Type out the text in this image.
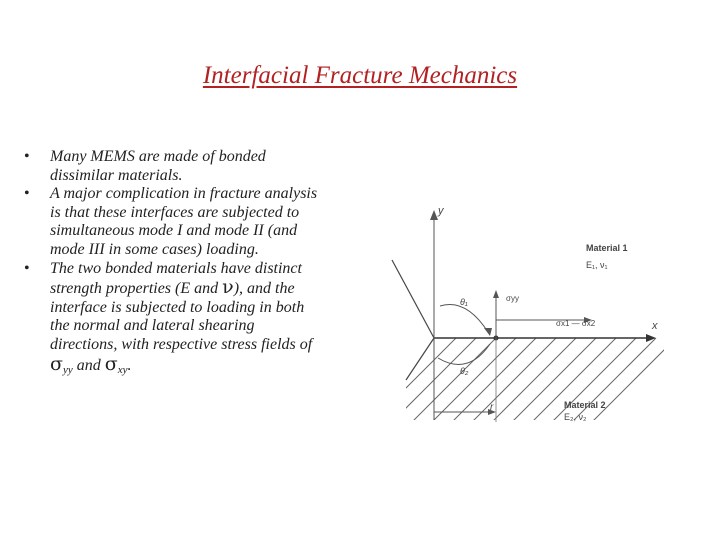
Interfacial Fracture Mechanics
• Many MEMS are made of bonded dissimilar materials.
• A major complication in fracture analysis is that these interfaces are subjected to simultaneous mode I and mode II (and mode III in some cases) loading.
• The two bonded materials have distinct strength properties (E and ν), and the interface is subjected to loading in both the normal and lateral shearing directions, with respective stress fields of $\sigma_{yy}$ and $\sigma_{xy}$.
x
y
σyy
σx1 — σx2
θ₁
θ₂
r
Material 1
E₁, ν₁
Material 2
E₂, ν₂
